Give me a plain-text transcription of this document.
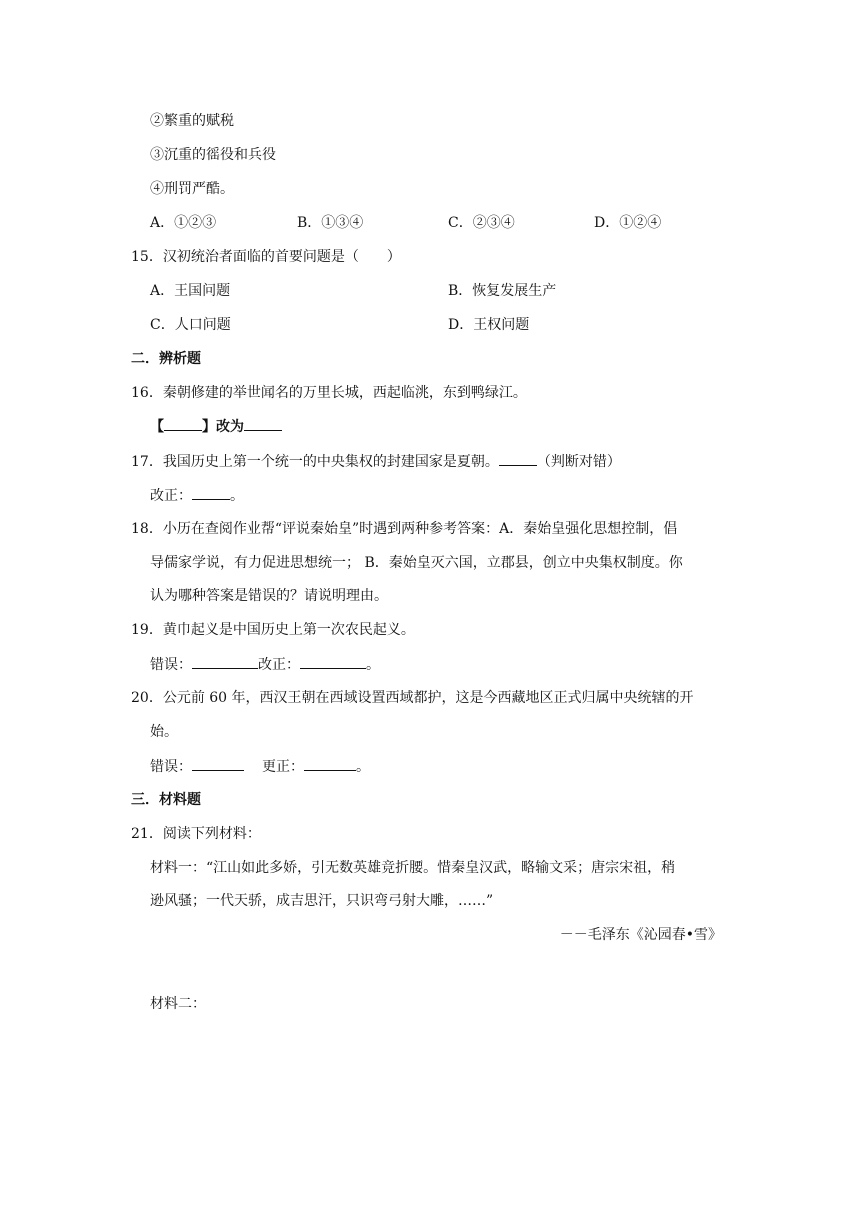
②繁重的赋税
③沉重的徭役和兵役
④刑罚严酷。
A．①②③	B．①③④	C．②③④	D．①②④
15．汉初统治者面临的首要问题是（　　）
A．王国问题	B．恢复发展生产
C．人口问题	D．王权问题
二．辨析题
16．秦朝修建的举世闻名的万里长城，西起临洮，东到鸭绿江。
【	】改为
17．我国历史上第一个统一的中央集权的封建国家是夏朝。	（判断对错）
改正：	。
18．小历在查阅作业帮“评说秦始皇”时遇到两种参考答案：A．秦始皇强化思想控制，倡
导儒家学说，有力促进思想统一； B．秦始皇灭六国，立郡县，创立中央集权制度。你
认为哪种答案是错误的？请说明理由。
19．黄巾起义是中国历史上第一次农民起义。
错误：	改正：	。
20．公元前 60 年，西汉王朝在西域设置西域都护，这是今西藏地区正式归属中央统辖的开
始。
错误：	更正：	。
三．材料题
21．阅读下列材料：
材料一：“江山如此多娇，引无数英雄竞折腰。惜秦皇汉武，略输文采；唐宗宋祖，稍
逊风骚；一代天骄，成吉思汗，只识弯弓射大雕，……”
－－毛泽东《沁园春•雪》
材料二：
